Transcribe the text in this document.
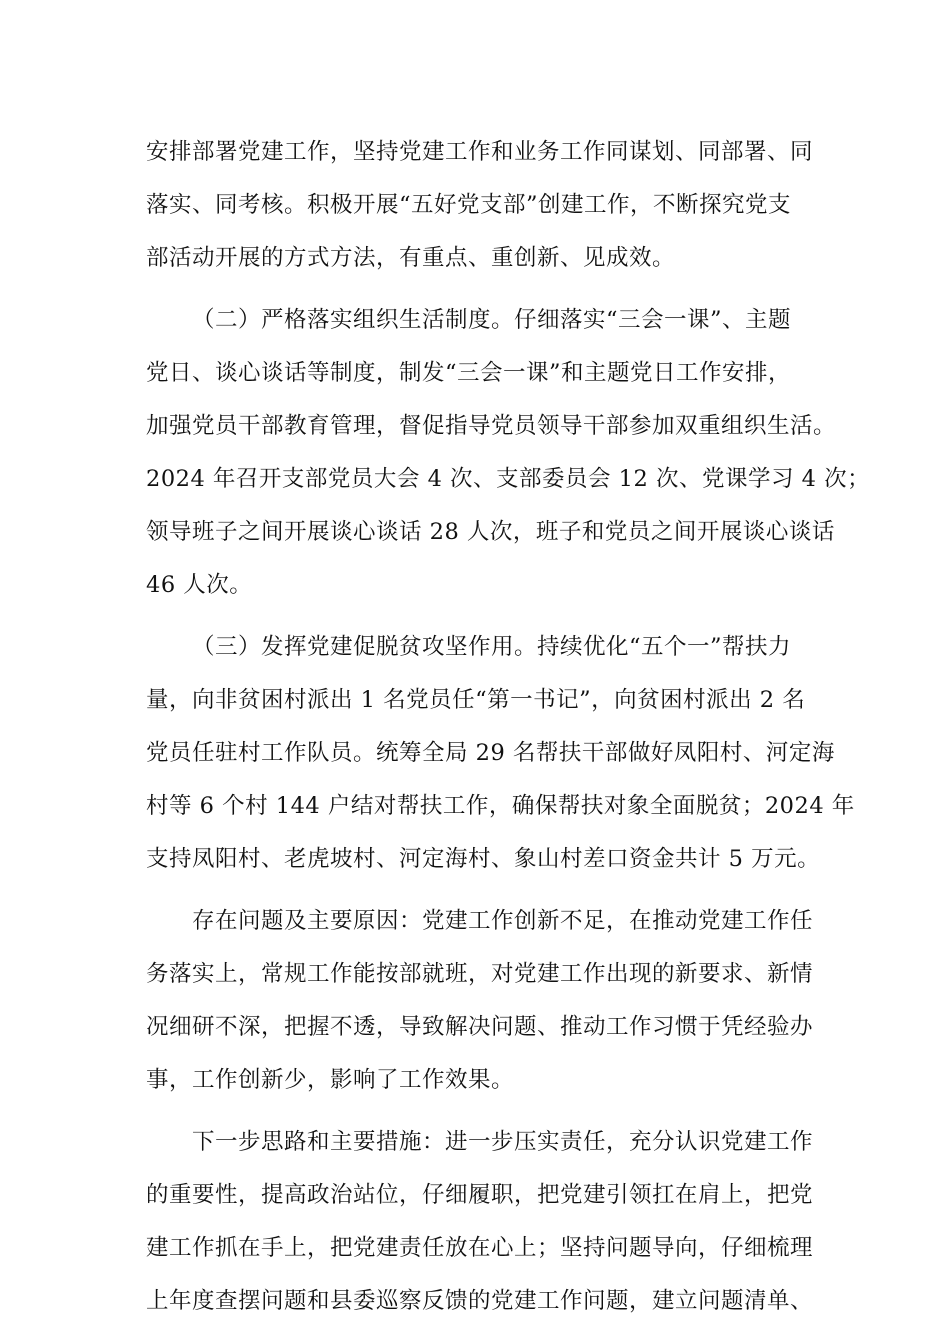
安排部署党建工作，坚持党建工作和业务工作同谋划、同部署、同
落实、同考核。积极开展“五好党支部”创建工作，不断探究党支
部活动开展的方式方法，有重点、重创新、见成效。
（二）严格落实组织生活制度。仔细落实“三会一课”、主题
党日、谈心谈话等制度，制发“三会一课”和主题党日工作安排，
加强党员干部教育管理，督促指导党员领导干部参加双重组织生活。
2024 年召开支部党员大会 4 次、支部委员会 12 次、党课学习 4 次；
领导班子之间开展谈心谈话 28 人次，班子和党员之间开展谈心谈话
46 人次。
（三）发挥党建促脱贫攻坚作用。持续优化“五个一”帮扶力
量，向非贫困村派出 1 名党员任“第一书记”，向贫困村派出 2 名
党员任驻村工作队员。统筹全局 29 名帮扶干部做好凤阳村、河定海
村等 6 个村 144 户结对帮扶工作，确保帮扶对象全面脱贫；2024 年
支持凤阳村、老虎坡村、河定海村、象山村差口资金共计 5 万元。
存在问题及主要原因：党建工作创新不足，在推动党建工作任
务落实上，常规工作能按部就班，对党建工作出现的新要求、新情
况细研不深，把握不透，导致解决问题、推动工作习惯于凭经验办
事，工作创新少，影响了工作效果。
下一步思路和主要措施：进一步压实责任，充分认识党建工作
的重要性，提高政治站位，仔细履职，把党建引领扛在肩上，把党
建工作抓在手上，把党建责任放在心上；坚持问题导向，仔细梳理
上年度查摆问题和县委巡察反馈的党建工作问题，建立问题清单、
